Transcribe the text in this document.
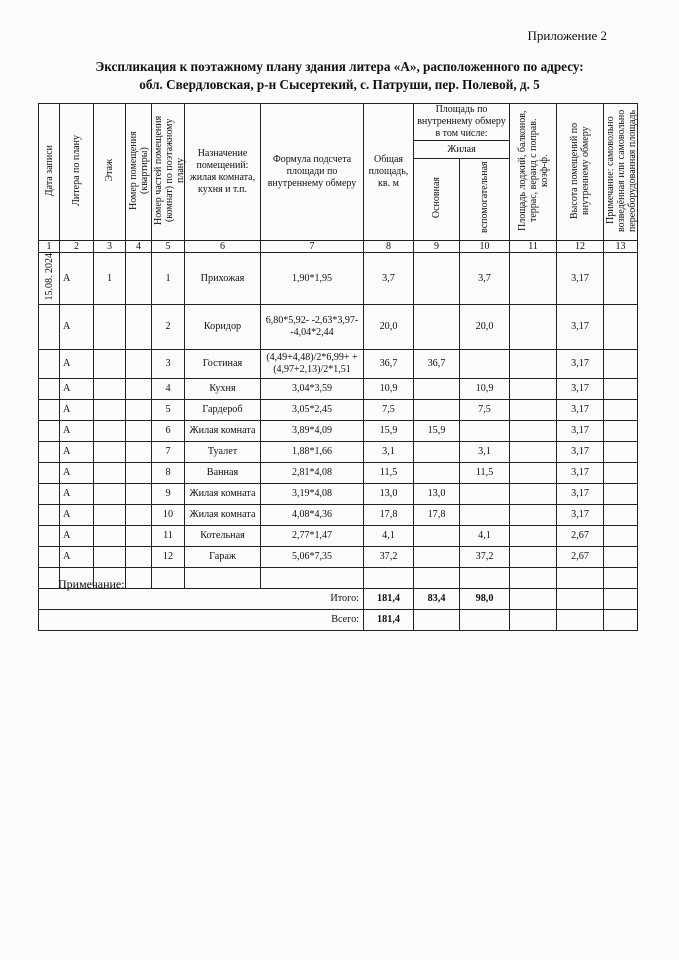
Приложение 2
Экспликация к поэтажному плану здания литера «А», расположенного по адресу:
обл. Свердловская, р-н Сысертекий, с. Патруши, пер. Полевой, д. 5
Дата записи	Литера по плану	Этаж	Номер помещения (квартиры)	Номер частей помещения (комнат) по поэтажному плану	Назначение помещений: жилая комната, кухня и т.п.	Формула подсчета площади по внутреннему обмеру	Общая площадь, кв. м	Площадь по внутреннему обмеру в том числе:		Площадь лоджий, балконов, террас, веранд с поправ. коэф-ф.	Высота помещений по внутреннему обмеру	Примечание: самовольно возведённая или самовольно переоборудованная площадь
								Жилая				
								Основная	вспомогательная			
1	2	3	4	5	6	7	8	9	10	11	12	13
15.08. 2024	А	1		1	Прихожая	1,90*1,95	3,7		3,7		3,17	
	А			2	Коридор	6,80*5,92- -2,63*3,97- -4,04*2,44	20,0		20,0		3,17	
	А			3	Гостиная	(4,49+4,48)/2*6,99+ +(4,97+2,13)/2*1,51	36,7	36,7			3,17	
	А			4	Кухня	3,04*3,59	10,9		10,9		3,17	
	А			5	Гардероб	3,05*2,45	7,5		7,5		3,17	
	А			6	Жилая комната	3,89*4,09	15,9	15,9			3,17	
	А			7	Туалет	1,88*1,66	3,1		3,1		3,17	
	А			8	Ванная	2,81*4,08	11,5		11,5		3,17	
	А			9	Жилая комната	3,19*4,08	13,0	13,0			3,17	
	А			10	Жилая комната	4,08*4,36	17,8	17,8			3,17	
	А			11	Котельная	2,77*1,47	4,1		4,1		2,67	
	А			12	Гараж	5,06*7,35	37,2		37,2		2,67	

Итого:							181,4	83,4	98,0			
Всего:							181,4					
Примечание:
